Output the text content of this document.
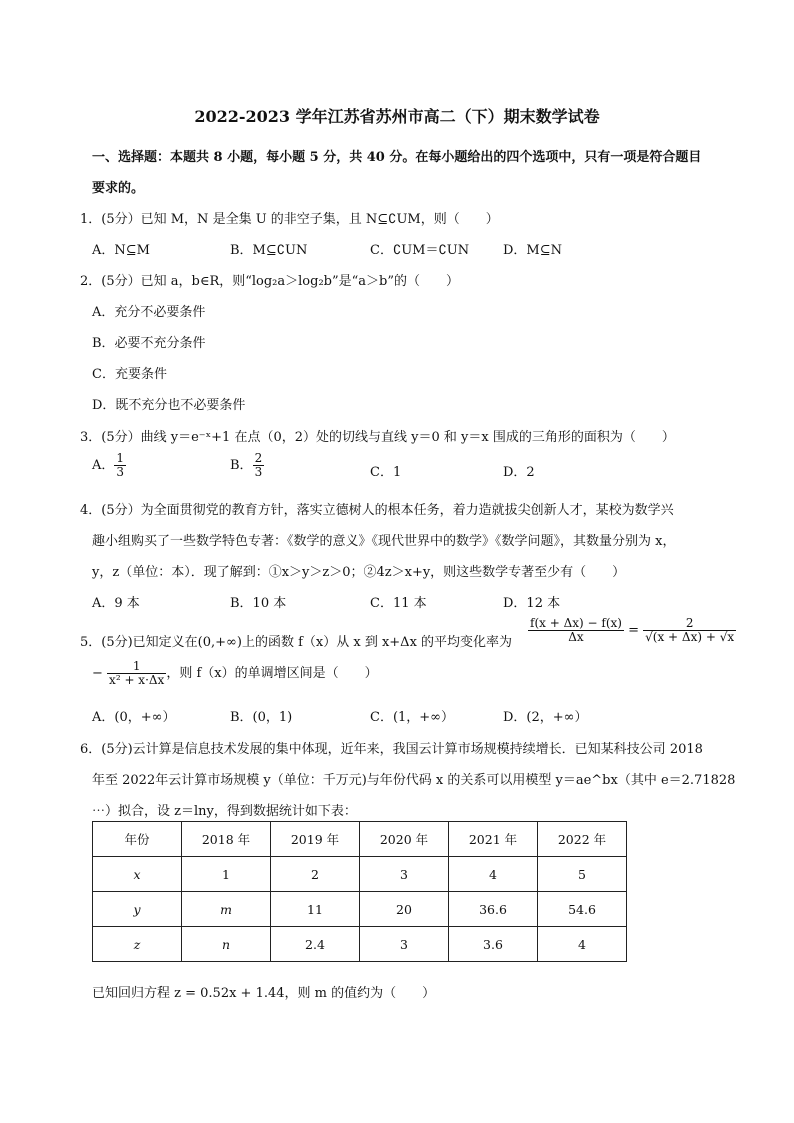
2022-2023 学年江苏省苏州市高二（下）期末数学试卷
一、选择题：本题共 8 小题，每小题 5 分，共 40 分。在每小题给出的四个选项中，只有一项是符合题目
要求的。
1．(5分）已知 M，N 是全集 U 的非空子集，且 N⊆∁UM，则（　　）
A．N⊆M	B．M⊆∁UN	C．∁UM＝∁UN	D．M⊆N
2．(5分）已知 a，b∈R，则“log₂a＞log₂b”是“a＞b”的（　　）
A．充分不必要条件
B．必要不充分条件
C．充要条件
D．既不充分也不必要条件
3．(5分）曲线 y＝e⁻ˣ+1 在点（0，2）处的切线与直线 y＝0 和 y＝x 围成的三角形的面积为（　　）
A． $\frac{1}{3}$	B． $\frac{2}{3}$	C．1	D．2
4．(5分）为全面贯彻党的教育方针，落实立德树人的根本任务，着力造就拔尖创新人才，某校为数学兴
趣小组购买了一些数学特色专著：《数学的意义》《现代世界中的数学》《数学问题》，其数量分别为 x，
y，z（单位：本）．现了解到：①x＞y＞z＞0；②4z＞x+y，则这些数学专著至少有（　　）
A．9 本	B．10 本	C．11 本	D．12 本
5．(5分)已知定义在(0,+∞)上的函数 f（x）从 x 到 x+Δx 的平均变化率为 $\frac{f(x + \Delta x) - f(x)}{\Delta x} = \frac{2}{√(x + \Delta x) + √x}$
− $\frac{1}{\text{x² + x·Δx}}$ ，则 f（x）的单调增区间是（　　）
A．(0，+∞）	B．(0，1)	C．(1，+∞）	D．(2，+∞）
6．(5分)云计算是信息技术发展的集中体现，近年来，我国云计算市场规模持续增长．已知某科技公司 2018
年至 2022年云计算市场规模 y（单位：千万元)与年份代码 x 的关系可以用模型 y＝ae^bx（其中 e＝2.71828
⋯）拟合，设 z＝lny，得到数据统计如下表：
年份	2018 年	2019 年	2020 年	2021 年	2022 年
x	1	2	3	4	5
y	m	11	20	36.6	54.6
z	n	2.4	3	3.6	4
已知回归方程 z = 0.52x + 1.44，则 m 的值约为（　　）
